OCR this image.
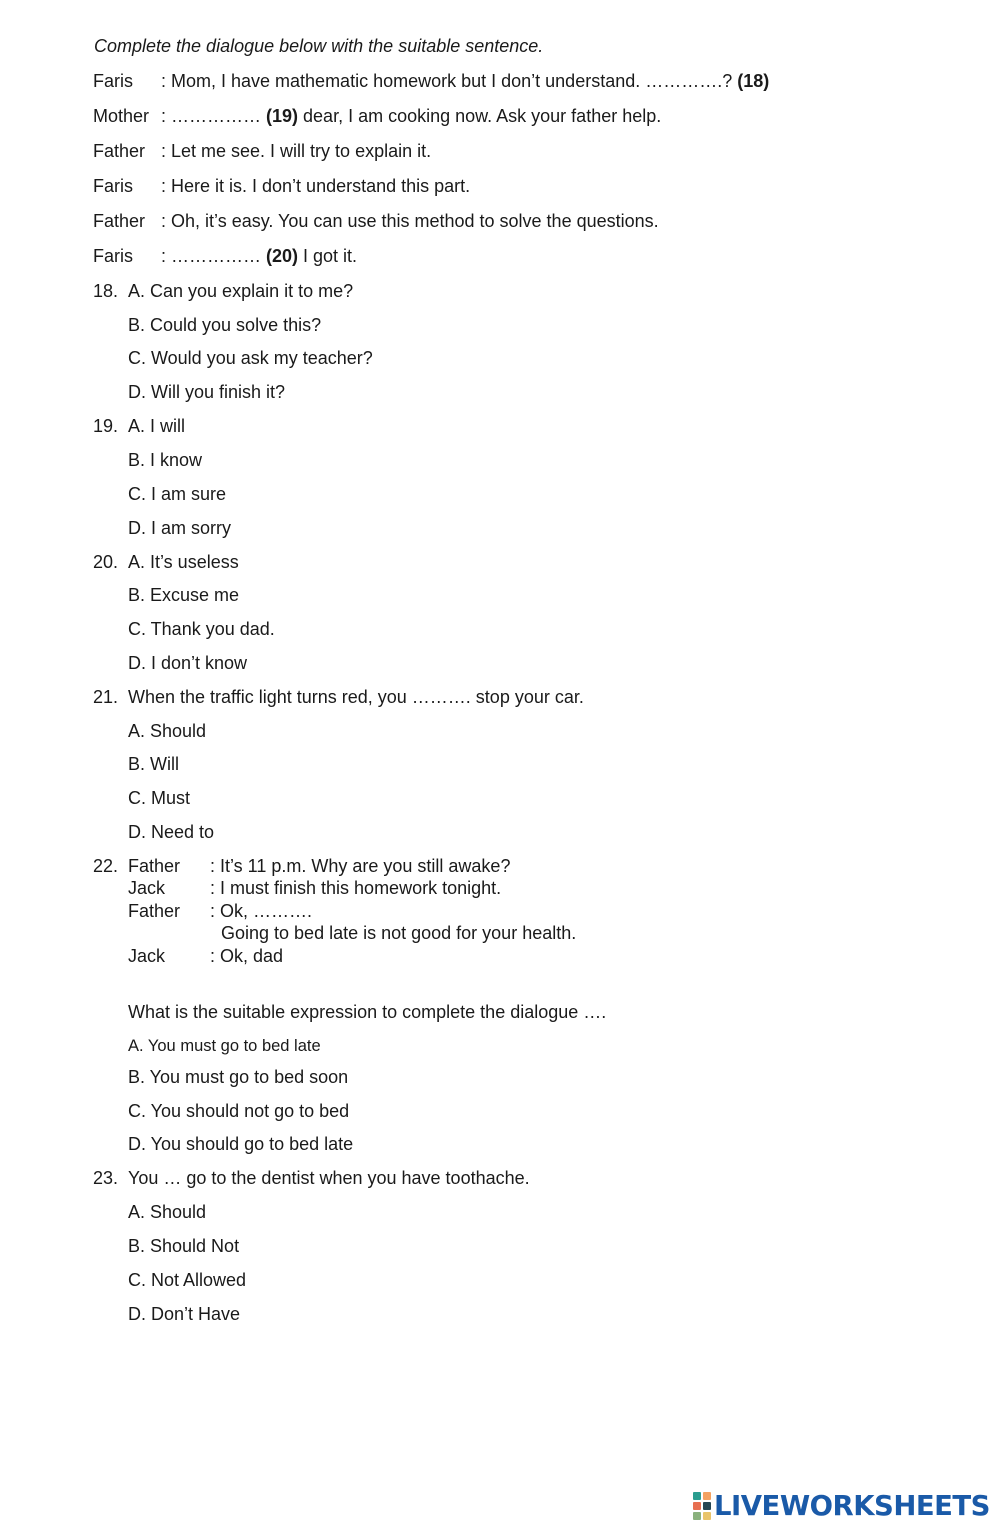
Complete the dialogue below with the suitable sentence.
Faris : Mom, I have mathematic homework but I don’t understand. ………….? (18)
Mother : …………… (19) dear, I am cooking now. Ask your father help.
Father : Let me see. I will try to explain it.
Faris : Here it is. I don’t understand this part.
Father : Oh, it’s easy. You can use this method to solve the questions.
Faris : …………… (20) I got it.
18. A. Can you explain it to me?
B. Could you solve this?
C. Would you ask my teacher?
D. Will you finish it?
19. A. I will
B. I know
C. I am sure
D. I am sorry
20. A. It’s useless
B. Excuse me
C. Thank you dad.
D. I don’t know
21. When the traffic light turns red, you ………. stop your car.
A. Should
B. Will
C. Must
D. Need to
22. Father : It’s 11 p.m. Why are you still awake?
Jack : I must finish this homework tonight.
Father : Ok, ……….
Going to bed late is not good for your health.
Jack : Ok, dad
What is the suitable expression to complete the dialogue ….
A. You must go to bed late
B. You must go to bed soon
C. You should not go to bed
D. You should go to bed late
23. You … go to the dentist when you have toothache.
A. Should
B. Should Not
C. Not Allowed
D. Don’t Have
LIVEWORKSHEETS
